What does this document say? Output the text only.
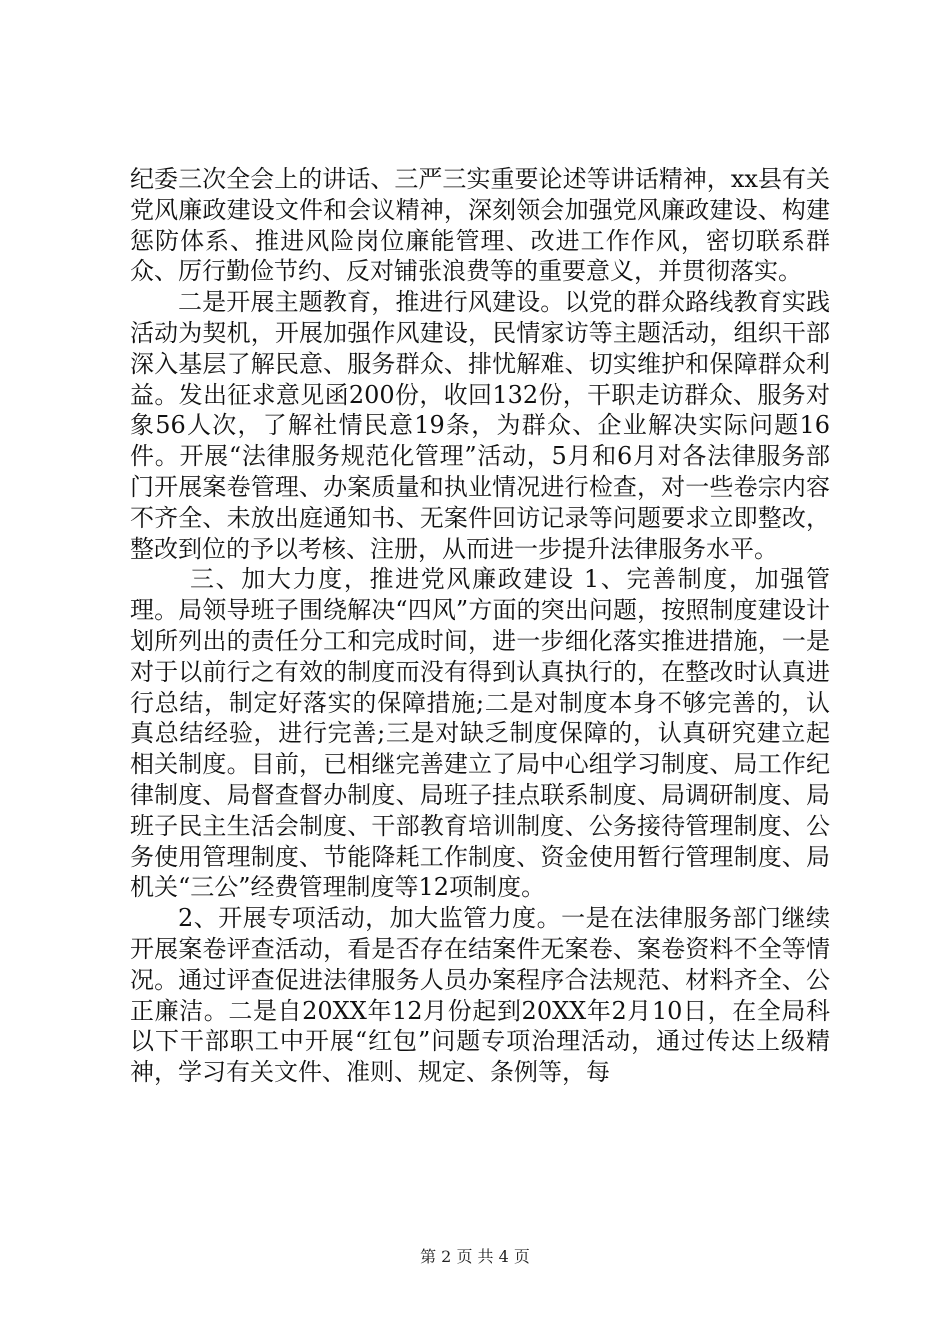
纪委三次全会上的讲话、三严三实重要论述等讲话精神，xx县有关党风廉政建设文件和会议精神，深刻领会加强党风廉政建设、构建惩防体系、推进风险岗位廉能管理、改进工作作风，密切联系群众、厉行勤俭节约、反对铺张浪费等的重要意义，并贯彻落实。

二是开展主题教育，推进行风建设。以党的群众路线教育实践活动为契机，开展加强作风建设，民情家访等主题活动，组织干部深入基层了解民意、服务群众、排忧解难、切实维护和保障群众利益。发出征求意见函200份，收回132份，干职走访群众、服务对象56人次，了解社情民意19条，为群众、企业解决实际问题16件。开展“法律服务规范化管理”活动，5月和6月对各法律服务部门开展案卷管理、办案质量和执业情况进行检查，对一些卷宗内容不齐全、未放出庭通知书、无案件回访记录等问题要求立即整改，整改到位的予以考核、注册，从而进一步提升法律服务水平。

三、加大力度，推进党风廉政建设 1、完善制度，加强管理。局领导班子围绕解决“四风”方面的突出问题，按照制度建设计划所列出的责任分工和完成时间，进一步细化落实推进措施，一是对于以前行之有效的制度而没有得到认真执行的，在整改时认真进行总结，制定好落实的保障措施;二是对制度本身不够完善的，认真总结经验，进行完善;三是对缺乏制度保障的，认真研究建立起相关制度。目前，已相继完善建立了局中心组学习制度、局工作纪律制度、局督查督办制度、局班子挂点联系制度、局调研制度、局班子民主生活会制度、干部教育培训制度、公务接待管理制度、公务使用管理制度、节能降耗工作制度、资金使用暂行管理制度、局机关“三公”经费管理制度等12项制度。

2、开展专项活动，加大监管力度。一是在法律服务部门继续开展案卷评查活动，看是否存在结案件无案卷、案卷资料不全等情况。通过评查促进法律服务人员办案程序合法规范、材料齐全、公正廉洁。二是自20XX年12月份起到20XX年2月10日，在全局科以下干部职工中开展“红包”问题专项治理活动，通过传达上级精神，学习有关文件、准则、规定、条例等，每

第 2 页 共 4 页
